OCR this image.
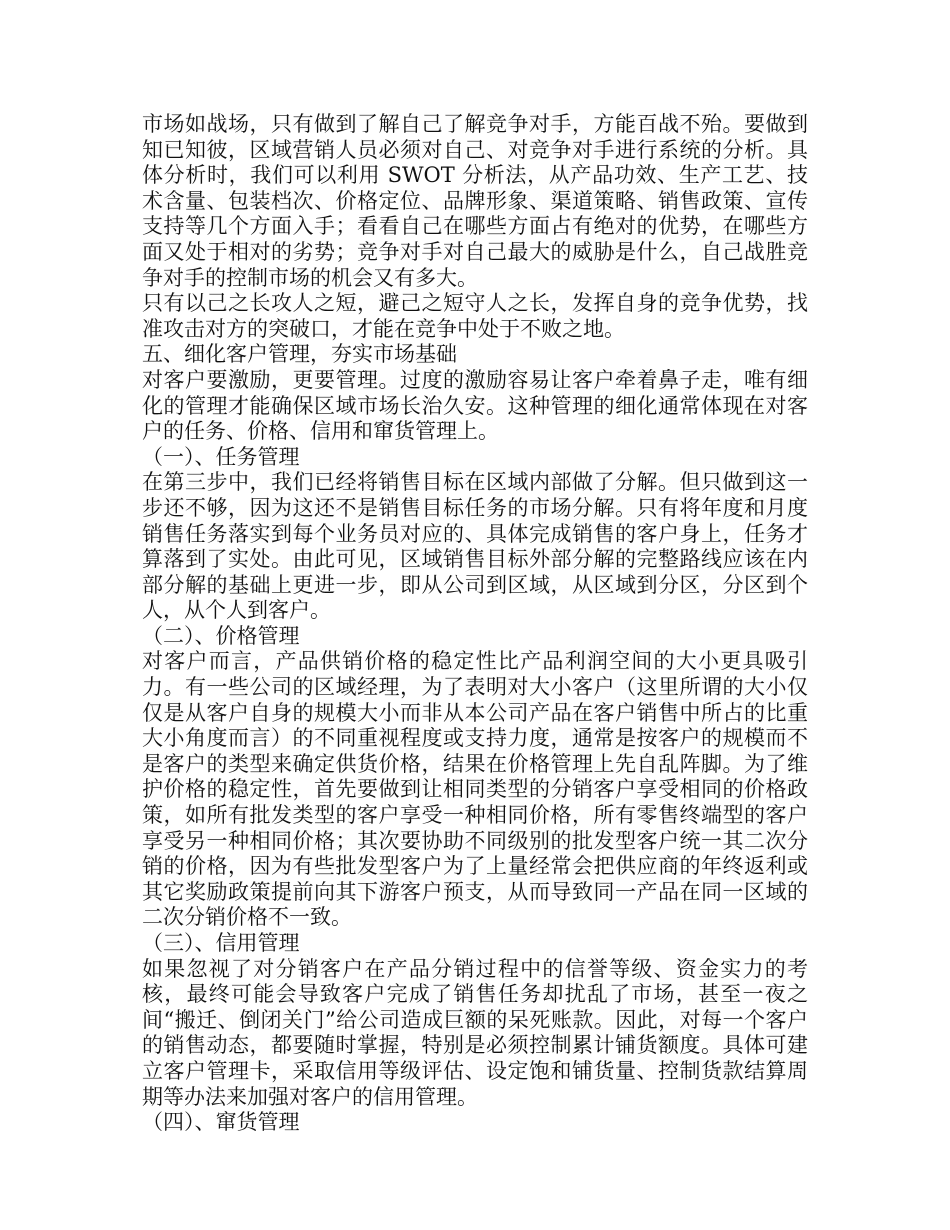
市场如战场，只有做到了解自己了解竞争对手，方能百战不殆。要做到知已知彼，区域营销人员必须对自己、对竞争对手进行系统的分析。具体分析时，我们可以利用 SWOT 分析法，从产品功效、生产工艺、技术含量、包装档次、价格定位、品牌形象、渠道策略、销售政策、宣传支持等几个方面入手；看看自己在哪些方面占有绝对的优势，在哪些方面又处于相对的劣势；竞争对手对自己最大的威胁是什么，自己战胜竞争对手的控制市场的机会又有多大。

只有以己之长攻人之短，避己之短守人之长，发挥自身的竞争优势，找准攻击对方的突破口，才能在竞争中处于不败之地。

五、细化客户管理，夯实市场基础

对客户要激励，更要管理。过度的激励容易让客户牵着鼻子走，唯有细化的管理才能确保区域市场长治久安。这种管理的细化通常体现在对客户的任务、价格、信用和窜货管理上。

（一）、任务管理

在第三步中，我们已经将销售目标在区域内部做了分解。但只做到这一步还不够，因为这还不是销售目标任务的市场分解。只有将年度和月度销售任务落实到每个业务员对应的、具体完成销售的客户身上，任务才算落到了实处。由此可见，区域销售目标外部分解的完整路线应该在内部分解的基础上更进一步，即从公司到区域，从区域到分区，分区到个人，从个人到客户。

（二）、价格管理

对客户而言，产品供销价格的稳定性比产品利润空间的大小更具吸引力。有一些公司的区域经理，为了表明对大小客户（这里所谓的大小仅仅是从客户自身的规模大小而非从本公司产品在客户销售中所占的比重大小角度而言）的不同重视程度或支持力度，通常是按客户的规模而不是客户的类型来确定供货价格，结果在价格管理上先自乱阵脚。为了维护价格的稳定性，首先要做到让相同类型的分销客户享受相同的价格政策，如所有批发类型的客户享受一种相同价格，所有零售终端型的客户享受另一种相同价格；其次要协助不同级别的批发型客户统一其二次分销的价格，因为有些批发型客户为了上量经常会把供应商的年终返利或其它奖励政策提前向其下游客户预支，从而导致同一产品在同一区域的二次分销价格不一致。

（三）、信用管理

如果忽视了对分销客户在产品分销过程中的信誉等级、资金实力的考核，最终可能会导致客户完成了销售任务却扰乱了市场，甚至一夜之间“搬迁、倒闭关门”给公司造成巨额的呆死账款。因此，对每一个客户的销售动态，都要随时掌握，特别是必须控制累计铺货额度。具体可建立客户管理卡，采取信用等级评估、设定饱和铺货量、控制货款结算周期等办法来加强对客户的信用管理。

（四）、窜货管理
